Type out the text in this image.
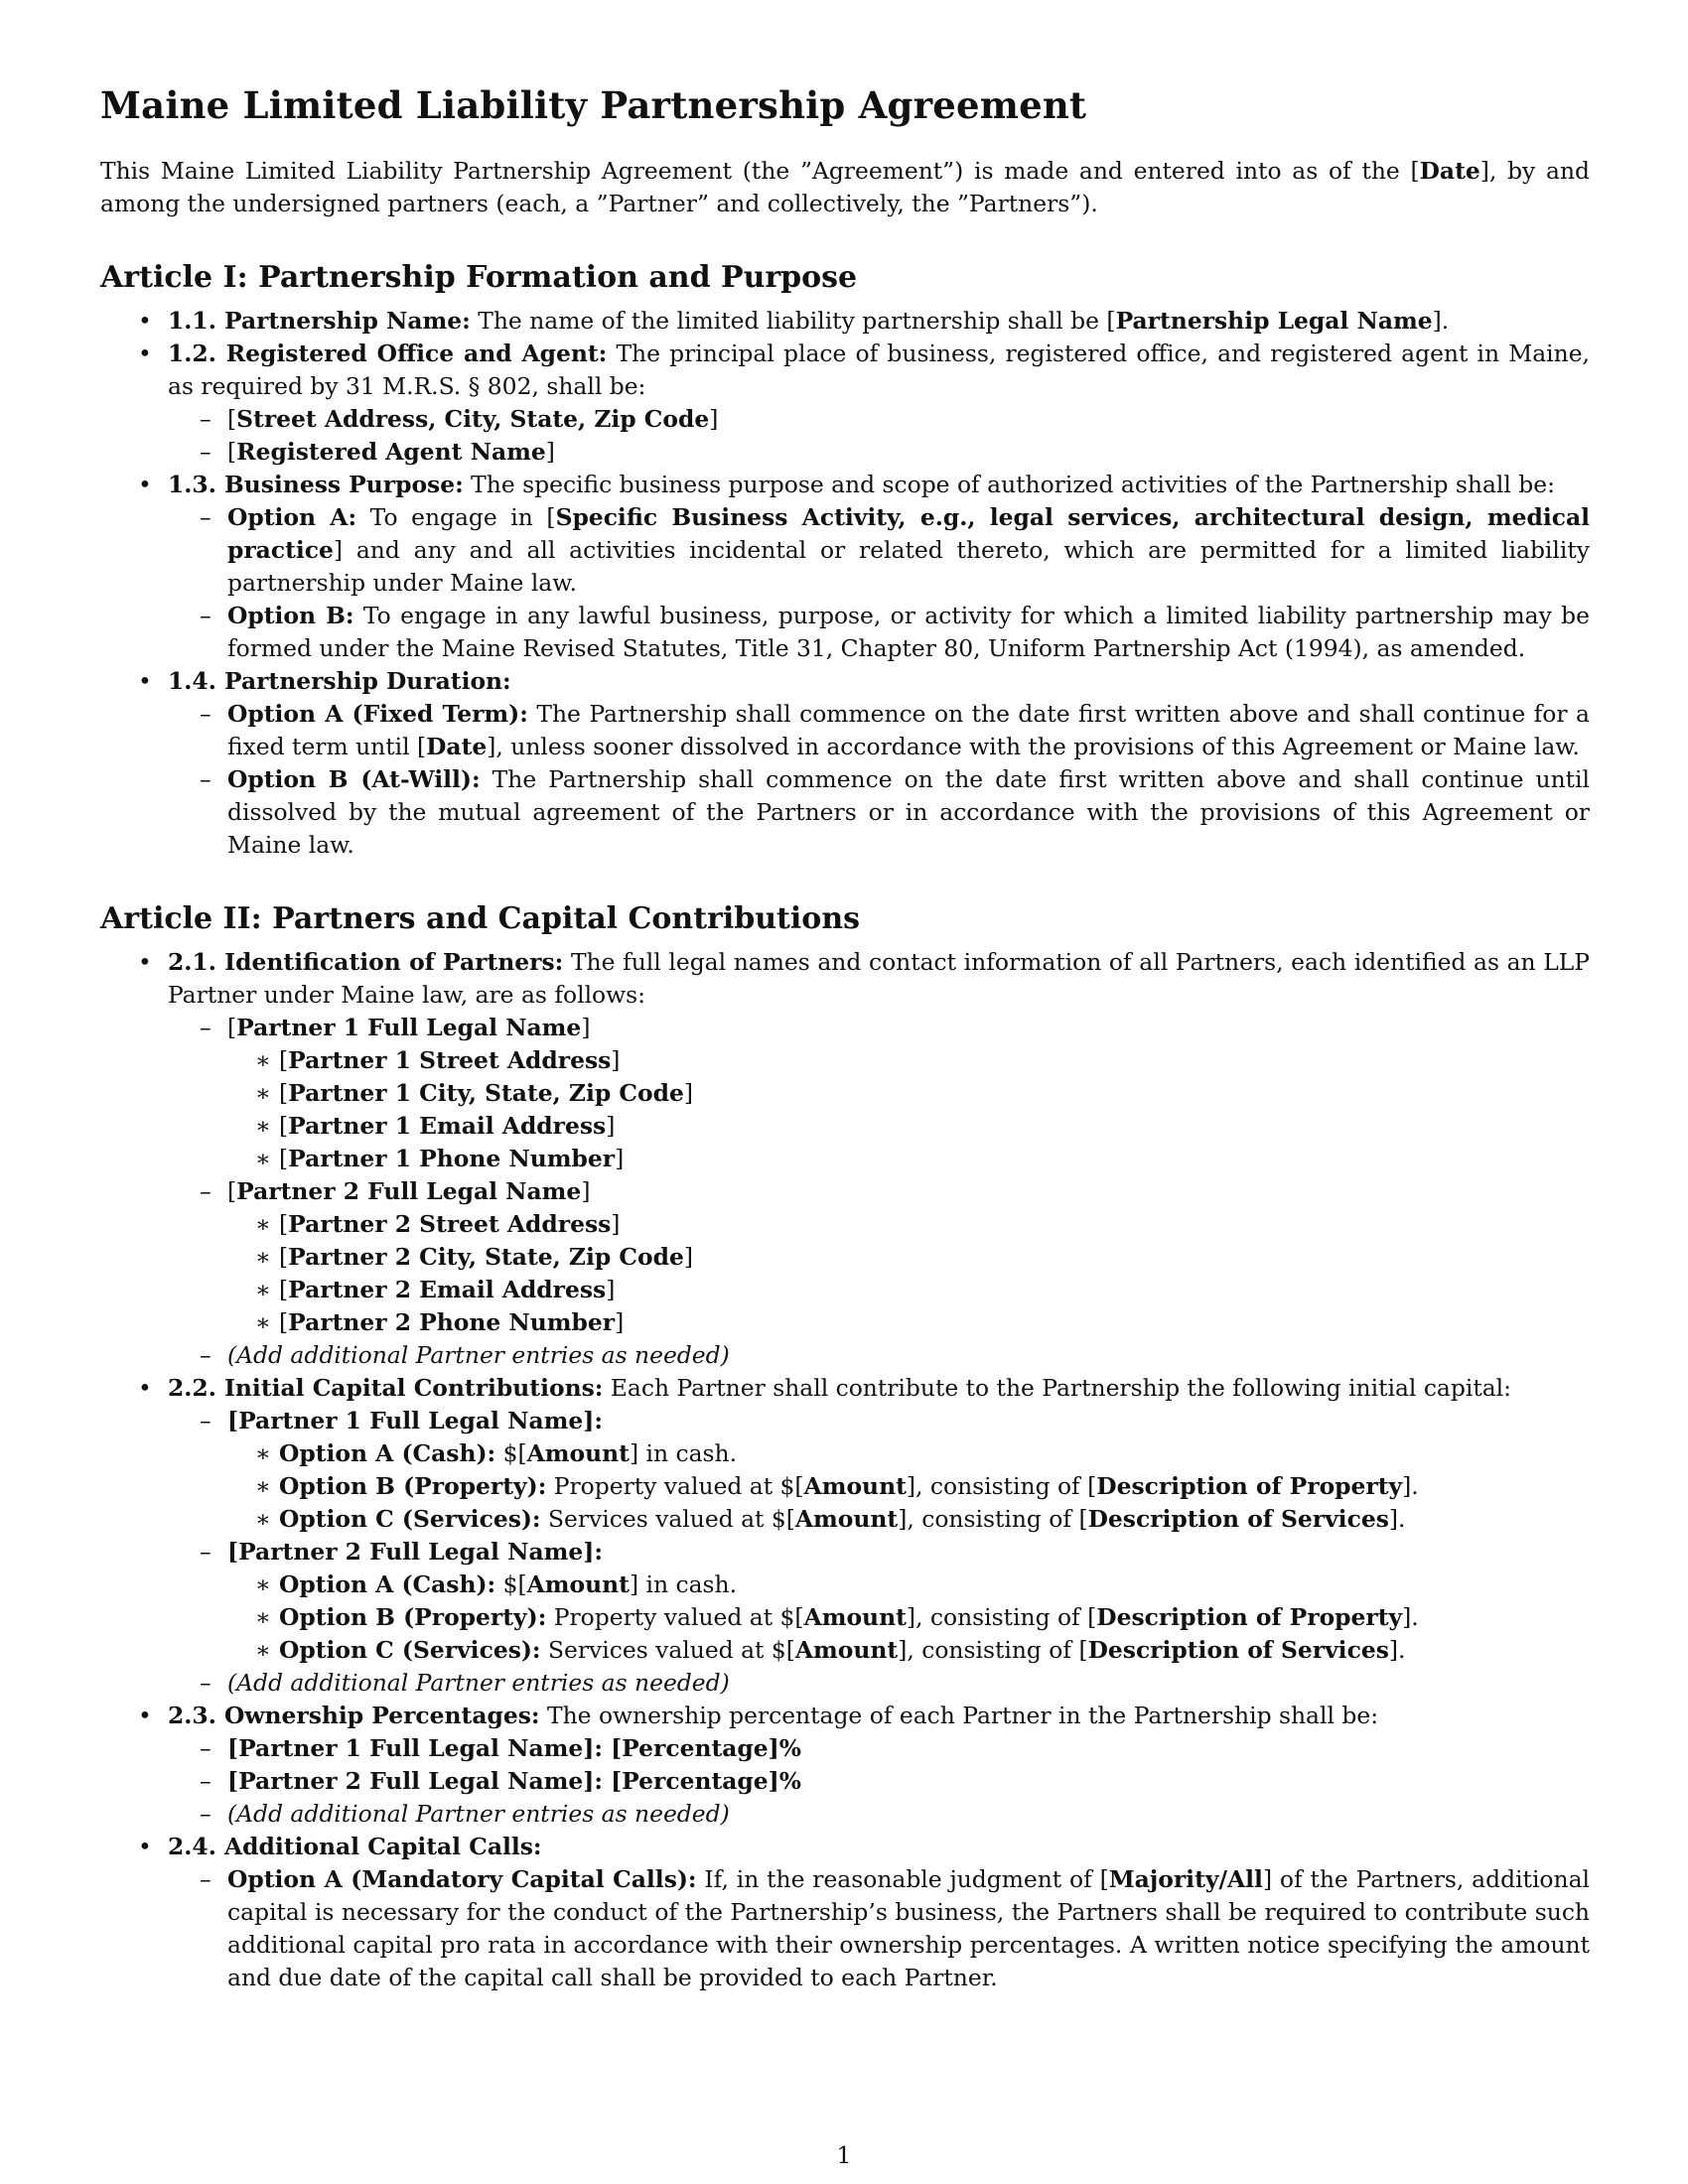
Maine Limited Liability Partnership Agreement

This Maine Limited Liability Partnership Agreement (the ”Agreement”) is made and entered into as of the [Date], by and among the undersigned partners (each, a ”Partner” and collectively, the ”Partners”).

Article I: Partnership Formation and Purpose
• 1.1. Partnership Name: The name of the limited liability partnership shall be [Partnership Legal Name].
• 1.2. Registered Office and Agent: The principal place of business, registered office, and registered agent in Maine, as required by 31 M.R.S. § 802, shall be:
– [Street Address, City, State, Zip Code]
– [Registered Agent Name]
• 1.3. Business Purpose: The specific business purpose and scope of authorized activities of the Partnership shall be:
– Option A: To engage in [Specific Business Activity, e.g., legal services, architectural design, medical practice] and any and all activities incidental or related thereto, which are permitted for a limited liability partnership under Maine law.
– Option B: To engage in any lawful business, purpose, or activity for which a limited liability partnership may be formed under the Maine Revised Statutes, Title 31, Chapter 80, Uniform Partnership Act (1994), as amended.
• 1.4. Partnership Duration:
– Option A (Fixed Term): The Partnership shall commence on the date first written above and shall continue for a fixed term until [Date], unless sooner dissolved in accordance with the provisions of this Agreement or Maine law.
– Option B (At-Will): The Partnership shall commence on the date first written above and shall continue until dissolved by the mutual agreement of the Partners or in accordance with the provisions of this Agreement or Maine law.
Article II: Partners and Capital Contributions
• 2.1. Identification of Partners: The full legal names and contact information of all Partners, each identified as an LLP Partner under Maine law, are as follows:
– [Partner 1 Full Legal Name]
∗ [Partner 1 Street Address]
∗ [Partner 1 City, State, Zip Code]
∗ [Partner 1 Email Address]
∗ [Partner 1 Phone Number]
– [Partner 2 Full Legal Name]
∗ [Partner 2 Street Address]
∗ [Partner 2 City, State, Zip Code]
∗ [Partner 2 Email Address]
∗ [Partner 2 Phone Number]
– (Add additional Partner entries as needed)
• 2.2. Initial Capital Contributions: Each Partner shall contribute to the Partnership the following initial capital:
– [Partner 1 Full Legal Name]:
∗ Option A (Cash): $[Amount] in cash.
∗ Option B (Property): Property valued at $[Amount], consisting of [Description of Property].
∗ Option C (Services): Services valued at $[Amount], consisting of [Description of Services].
– [Partner 2 Full Legal Name]:
∗ Option A (Cash): $[Amount] in cash.
∗ Option B (Property): Property valued at $[Amount], consisting of [Description of Property].
∗ Option C (Services): Services valued at $[Amount], consisting of [Description of Services].
– (Add additional Partner entries as needed)
• 2.3. Ownership Percentages: The ownership percentage of each Partner in the Partnership shall be:
– [Partner 1 Full Legal Name]: [Percentage]%
– [Partner 2 Full Legal Name]: [Percentage]%
– (Add additional Partner entries as needed)
• 2.4. Additional Capital Calls:
– Option A (Mandatory Capital Calls): If, in the reasonable judgment of [Majority/All] of the Partners, additional capital is necessary for the conduct of the Partnership’s business, the Partners shall be required to contribute such additional capital pro rata in accordance with their ownership percentages. A written notice specifying the amount and due date of the capital call shall be provided to each Partner.
1
